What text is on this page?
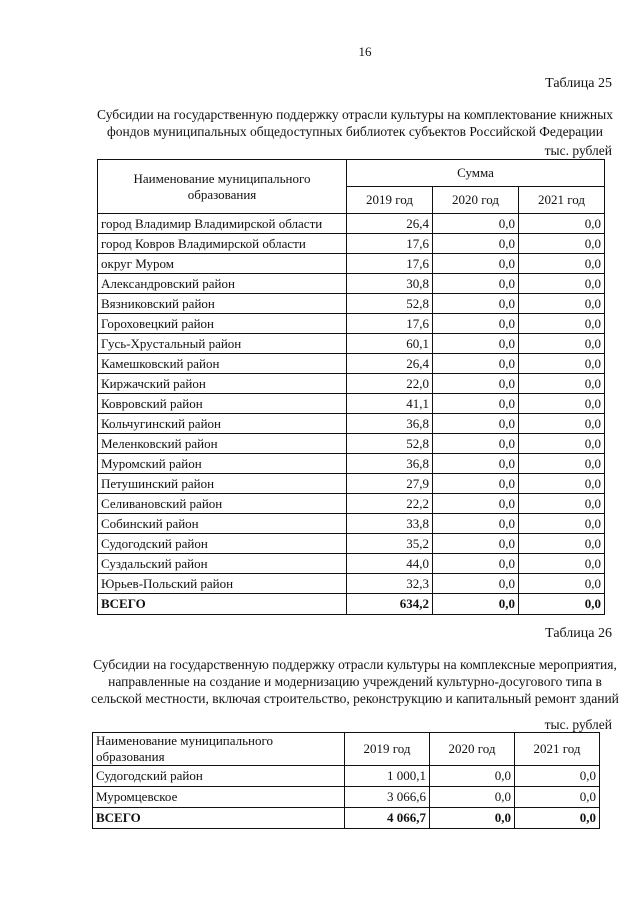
16
Таблица 25
Субсидии на государственную поддержку отрасли культуры на комплектование книжных
фондов муниципальных общедоступных библиотек субъектов Российской Федерации
тыс. рублей
Наименование муниципального образования	Сумма		
	2019 год	2020 год	2021 год
город Владимир Владимирской области	26,4	0,0	0,0
город Ковров Владимирской области	17,6	0,0	0,0
округ Муром	17,6	0,0	0,0
Александровский район	30,8	0,0	0,0
Вязниковский район	52,8	0,0	0,0
Гороховецкий район	17,6	0,0	0,0
Гусь-Хрустальный район	60,1	0,0	0,0
Камешковский район	26,4	0,0	0,0
Киржачский район	22,0	0,0	0,0
Ковровский район	41,1	0,0	0,0
Кольчугинский район	36,8	0,0	0,0
Меленковский район	52,8	0,0	0,0
Муромский район	36,8	0,0	0,0
Петушинский район	27,9	0,0	0,0
Селивановский район	22,2	0,0	0,0
Собинский район	33,8	0,0	0,0
Судогодский район	35,2	0,0	0,0
Суздальский район	44,0	0,0	0,0
Юрьев-Польский район	32,3	0,0	0,0
ВСЕГО	634,2	0,0	0,0
Таблица 26
Субсидии на государственную поддержку отрасли культуры на комплексные мероприятия,
направленные на создание и модернизацию учреждений культурно-досугового типа в
сельской местности, включая строительство, реконструкцию и капитальный ремонт зданий
тыс. рублей
Наименование муниципального образования	2019 год	2020 год	2021 год
Судогодский район	1 000,1	0,0	0,0
Муромцевское	3 066,6	0,0	0,0
ВСЕГО	4 066,7	0,0	0,0
